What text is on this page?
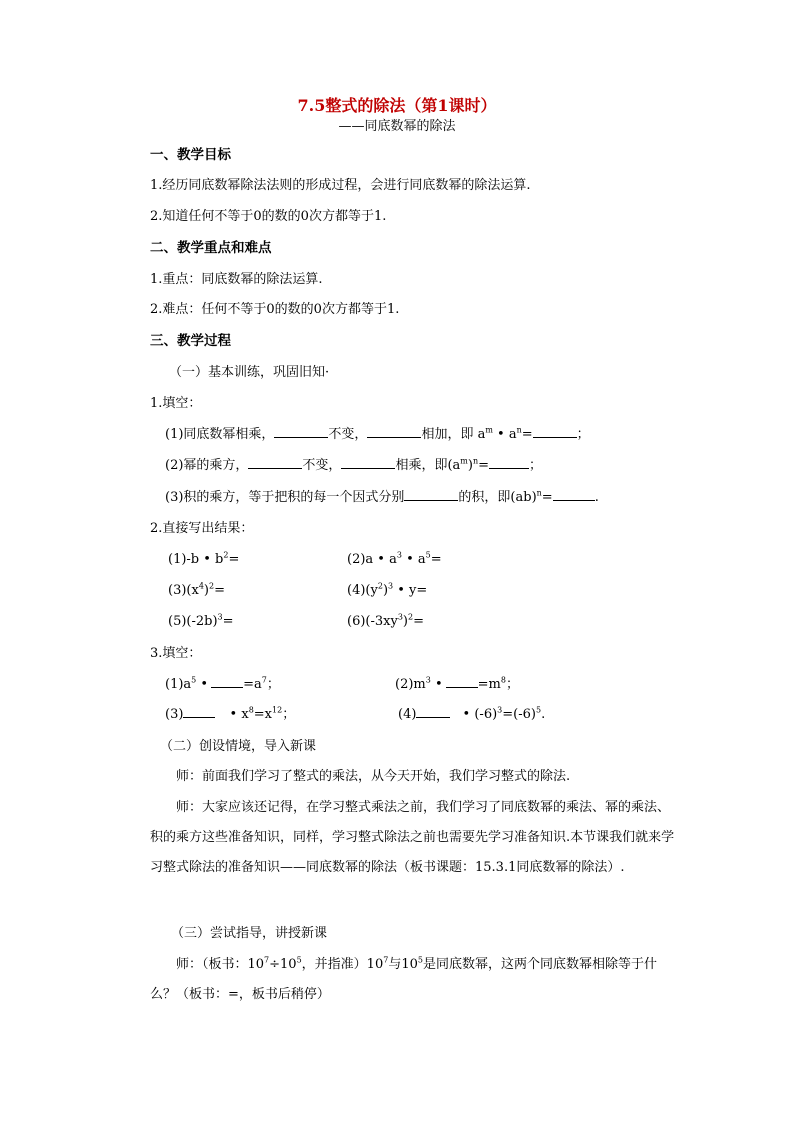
7.5整式的除法（第1课时）
——同底数幂的除法
一、教学目标
1.经历同底数幂除法法则的形成过程，会进行同底数幂的除法运算.
2.知道任何不等于0的数的0次方都等于1.
二、教学重点和难点
1.重点：同底数幂的除法运算.
2.难点：任何不等于0的数的0次方都等于1.
三、教学过程
（一）基本训练，巩固旧知·
1.填空：
(1)同底数幂相乘，	不变，	相加，即 $a^m$ • $a^n=$	；
(2)幂的乘方，	不变，	相乘，即$(a^m)^n=$	；
(3)积的乘方，等于把积的每一个因式分别	的积，即(ab)$^n$=	.
2.直接写出结果：
(1)-b • $b^2=$	(2)a • $a^3$ • $a^5=$
$(3)(x^4)^2=$	$(4)(y^2)^3$ • y=
$(5)(-2b)^3=$	$(6)(-3xy^3)^2=$
3.填空：
$(1)a^5$ •	$=a^7$；	$(2)m^3$ •	$=m^8$；
(3)	• $x^8=x^{12}$；	(4)	• $(-6)^3=(-6)^5$.
（二）创设情境，导入新课
师：前面我们学习了整式的乘法，从今天开始，我们学习整式的除法.
师：大家应该还记得，在学习整式乘法之前，我们学习了同底数幂的乘法、幂的乘法、积的乘方这些准备知识，同样，学习整式除法之前也需要先学习准备知识.本节课我们就来学习整式除法的准备知识——同底数幂的除法（板书课题：15.3.1同底数幂的除法）.
（三）尝试指导，讲授新课
师：（板书：$10^7\div 10^5$，并指准）$10^7$与$10^5$是同底数幂，这两个同底数幂相除等于什么？（板书：=，板书后稍停）
